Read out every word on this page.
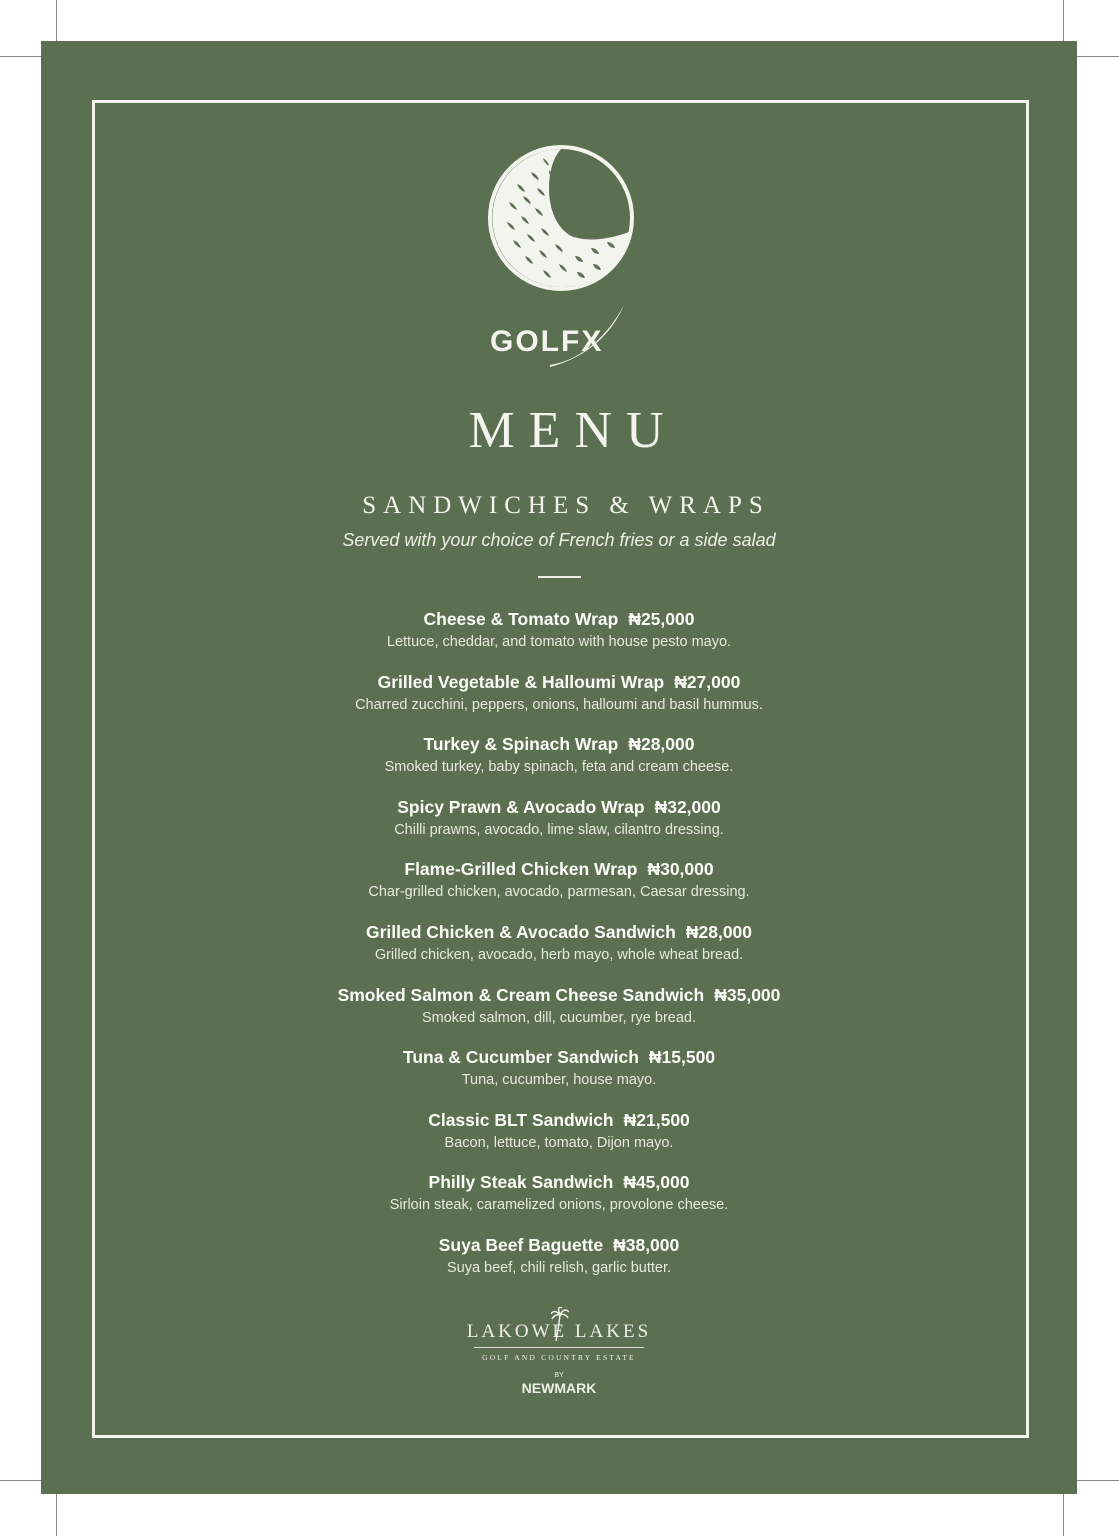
GOLFX
MENU
SANDWICHES & WRAPS
Served with your choice of French fries or a side salad
Cheese & Tomato Wrap ₦25,000
Lettuce, cheddar, and tomato with house pesto mayo.
Grilled Vegetable & Halloumi Wrap ₦27,000
Charred zucchini, peppers, onions, halloumi and basil hummus.
Turkey & Spinach Wrap ₦28,000
Smoked turkey, baby spinach, feta and cream cheese.
Spicy Prawn & Avocado Wrap ₦32,000
Chilli prawns, avocado, lime slaw, cilantro dressing.
Flame-Grilled Chicken Wrap ₦30,000
Char-grilled chicken, avocado, parmesan, Caesar dressing.
Grilled Chicken & Avocado Sandwich ₦28,000
Grilled chicken, avocado, herb mayo, whole wheat bread.
Smoked Salmon & Cream Cheese Sandwich ₦35,000
Smoked salmon, dill, cucumber, rye bread.
Tuna & Cucumber Sandwich ₦15,500
Tuna, cucumber, house mayo.
Classic BLT Sandwich ₦21,500
Bacon, lettuce, tomato, Dijon mayo.
Philly Steak Sandwich ₦45,000
Sirloin steak, caramelized onions, provolone cheese.
Suya Beef Baguette ₦38,000
Suya beef, chili relish, garlic butter.
LAKOWE LAKES
GOLF AND COUNTRY ESTATE
BY
NEWMARK
